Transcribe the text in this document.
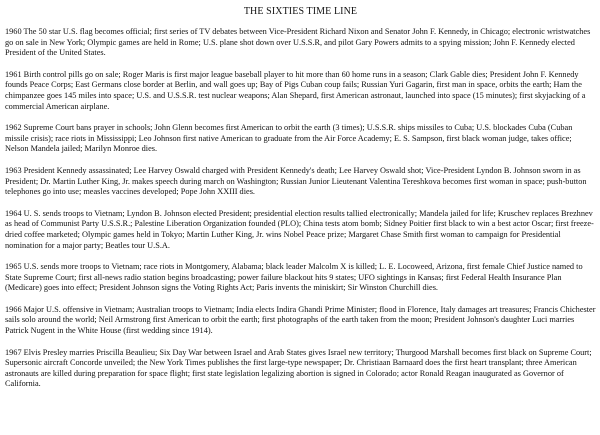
THE SIXTIES TIME LINE

1960 The 50 star U.S. flag becomes official; first series of TV debates between Vice-President Richard Nixon and Senator John F. Kennedy, in Chicago; electronic wristwatches go on sale in New York; Olympic games are held in Rome; U.S. plane shot down over U.S.S.R, and pilot Gary Powers admits to a spying mission; John F. Kennedy elected President of the United States.

1961 Birth control pills go on sale; Roger Maris is first major league baseball player to hit more than 60 home runs in a season; Clark Gable dies; President John F. Kennedy founds Peace Corps; East Germans close border at Berlin, and wall goes up; Bay of Pigs Cuban coup fails; Russian Yuri Gagarin, first man in space, orbits the earth; Ham the chimpanzee goes 145 miles into space; U.S. and U.S.S.R. test nuclear weapons; Alan Shepard, first American astronaut, launched into space (15 minutes); first skyjacking of a commercial American airplane.

1962 Supreme Court bans prayer in schools; John Glenn becomes first American to orbit the earth (3 times); U.S.S.R. ships missiles to Cuba; U.S. blockades Cuba (Cuban missile crisis); race riots in Mississippi; Leo Johnson first native American to graduate from the Air Force Academy; E. S. Sampson, first black woman judge, takes office; Nelson Mandela jailed; Marilyn Monroe dies.

1963 President Kennedy assassinated; Lee Harvey Oswald charged with President Kennedy's death; Lee Harvey Oswald shot; Vice-President Lyndon B. Johnson sworn in as President; Dr. Martin Luther King, Jr. makes speech during march on Washington; Russian Junior Lieutenant Valentina Tereshkova becomes first woman in space; push-button telephones go into use; measles vaccines developed; Pope John XXIII dies.

1964 U. S. sends troops to Vietnam; Lyndon B. Johnson elected President; presidential election results tallied electronically; Mandela jailed for life; Kruschev replaces Brezhnev as head of Communist Party U.S.S.R.; Palestine Liberation Organization founded (PLO); China tests atom bomb; Sidney Poitier first black to win a best actor Oscar; first freeze-dried coffee marketed; Olympic games held in Tokyo; Martin Luther King, Jr. wins Nobel Peace prize; Margaret Chase Smith first woman to campaign for Presidential nomination for a major party; Beatles tour U.S.A.

1965 U.S. sends more troops to Vietnam; race riots in Montgomery, Alabama; black leader Malcolm X is killed; L. E. Locoweed, Arizona, first female Chief Justice named to State Supreme Court; first all-news radio station begins broadcasting; power failure blackout hits 9 states; UFO sightings in Kansas; first Federal Health Insurance Plan (Medicare) goes into effect; President Johnson signs the Voting Rights Act; Paris invents the miniskirt; Sir Winston Churchill dies.

1966 Major U.S. offensive in Vietnam; Australian troops to Vietnam; India elects Indira Ghandi Prime Minister; flood in Florence, Italy damages art treasures; Francis Chichester sails solo around the world; Neil Armstrong first American to orbit the earth; first photographs of the earth taken from the moon; President Johnson's daughter Luci marries Patrick Nugent in the White House (first wedding since 1914).

1967 Elvis Presley marries Priscilla Beaulieu; Six Day War between Israel and Arab States gives Israel new territory; Thurgood Marshall becomes first black on Supreme Court; Supersonic aircraft Concorde unveiled; the New York Times publishes the first large-type newspaper; Dr. Christiaan Barnaard does the first heart transplant; three American astronauts are killed during preparation for space flight; first state legislation legalizing abortion is signed in Colorado; actor Ronald Reagan inaugurated as Governor of California.
